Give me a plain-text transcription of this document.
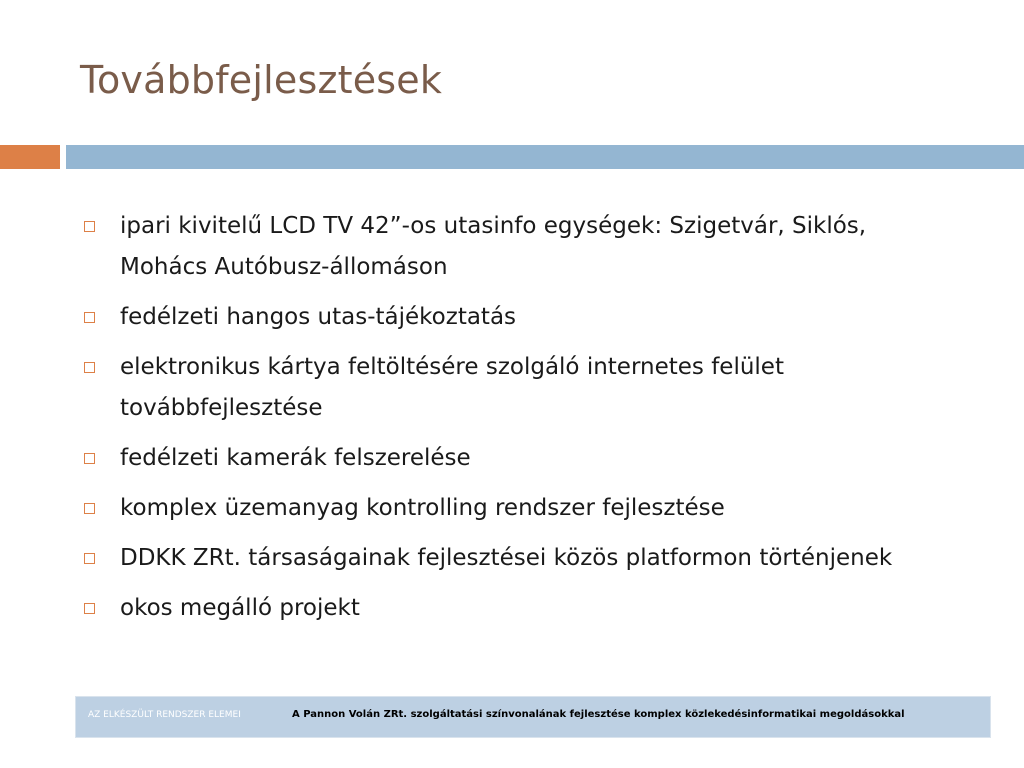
Továbbfejlesztések
ipari kivitelű LCD TV 42”-os utasinfo egységek: Szigetvár, Siklós, Mohács Autóbusz-állomáson
fedélzeti hangos utas-tájékoztatás
elektronikus kártya feltöltésére szolgáló internetes felület továbbfejlesztése
fedélzeti kamerák felszerelése
komplex üzemanyag kontrolling rendszer fejlesztése
DDKK ZRt. társaságainak fejlesztései közös platformon történjenek
okos megálló projekt
AZ ELKÉSZÜLT RENDSZER ELEMEI	A Pannon Volán ZRt. szolgáltatási színvonalának fejlesztése komplex közlekedésinformatikai megoldásokkal
